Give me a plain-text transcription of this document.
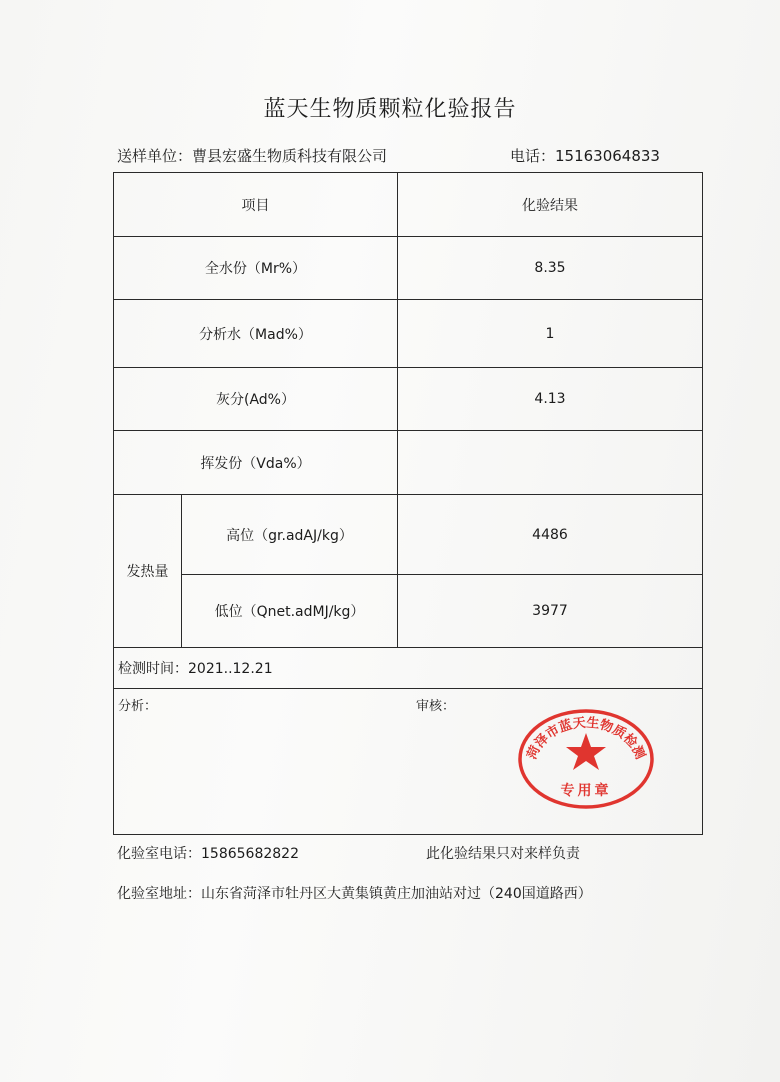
蓝天生物质颗粒化验报告
送样单位：曹县宏盛生物质科技有限公司	电话：15163064833
项目		化验结果
全水份（Mr%）		8.35
分析水（Mad%）		1
灰分(Ad%）		4.13
挥发份（Vda%）		
发热量	高位（gr.adAJ/kg）	4486
	低位（Qnet.adMJ/kg）	3977
检测时间：2021..12.21		

分析： 审核：		
菏泽市蓝天生物质检测
专用章
化验室电话：15865682822	此化验结果只对来样负责
化验室地址：山东省菏泽市牡丹区大黄集镇黄庄加油站对过（240国道路西）
